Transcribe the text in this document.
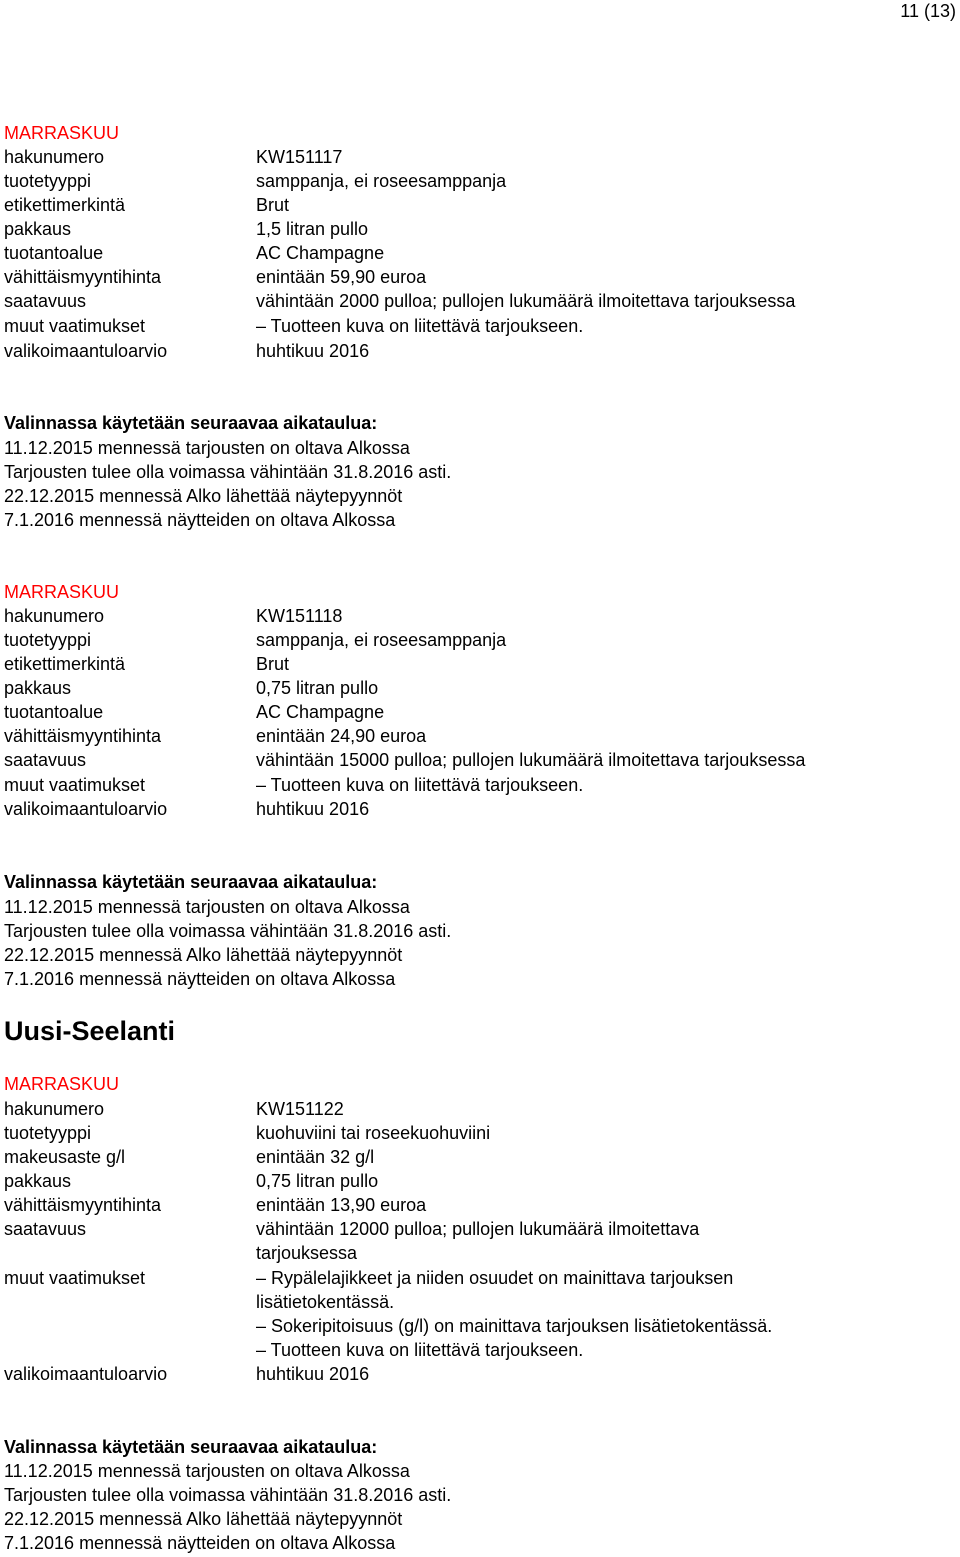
11 (13)
MARRASKUU
hakunumero	KW151117
tuotetyyppi	samppanja, ei roseesamppanja
etikettimerkintä	Brut
pakkaus	1,5 litran pullo
tuotantoalue	AC Champagne
vähittäismyyntihinta	enintään 59,90 euroa
saatavuus	vähintään 2000 pulloa; pullojen lukumäärä ilmoitettava tarjouksessa
muut vaatimukset	– Tuotteen kuva on liitettävä tarjoukseen.
valikoimaantuloarvio	huhtikuu 2016
Valinnassa käytetään seuraavaa aikataulua:
11.12.2015 mennessä tarjousten on oltava Alkossa
Tarjousten tulee olla voimassa vähintään 31.8.2016 asti.
22.12.2015 mennessä Alko lähettää näytepyynnöt
7.1.2016 mennessä näytteiden on oltava Alkossa
MARRASKUU
hakunumero	KW151118
tuotetyyppi	samppanja, ei roseesamppanja
etikettimerkintä	Brut
pakkaus	0,75 litran pullo
tuotantoalue	AC Champagne
vähittäismyyntihinta	enintään 24,90 euroa
saatavuus	vähintään 15000 pulloa; pullojen lukumäärä ilmoitettava tarjouksessa
muut vaatimukset	– Tuotteen kuva on liitettävä tarjoukseen.
valikoimaantuloarvio	huhtikuu 2016
Valinnassa käytetään seuraavaa aikataulua:
11.12.2015 mennessä tarjousten on oltava Alkossa
Tarjousten tulee olla voimassa vähintään 31.8.2016 asti.
22.12.2015 mennessä Alko lähettää näytepyynnöt
7.1.2016 mennessä näytteiden on oltava Alkossa
Uusi-Seelanti
MARRASKUU
hakunumero	KW151122
tuotetyyppi	kuohuviini tai roseekuohuviini
makeusaste g/l	enintään 32 g/l
pakkaus	0,75 litran pullo
vähittäismyyntihinta	enintään 13,90 euroa
saatavuus	vähintään 12000 pulloa; pullojen lukumäärä ilmoitettava
tarjouksessa
muut vaatimukset	– Rypälelajikkeet ja niiden osuudet on mainittava tarjouksen
lisätietokentässä.
– Sokeripitoisuus (g/l) on mainittava tarjouksen lisätietokentässä.
– Tuotteen kuva on liitettävä tarjoukseen.
valikoimaantuloarvio	huhtikuu 2016
Valinnassa käytetään seuraavaa aikataulua:
11.12.2015 mennessä tarjousten on oltava Alkossa
Tarjousten tulee olla voimassa vähintään 31.8.2016 asti.
22.12.2015 mennessä Alko lähettää näytepyynnöt
7.1.2016 mennessä näytteiden on oltava Alkossa
